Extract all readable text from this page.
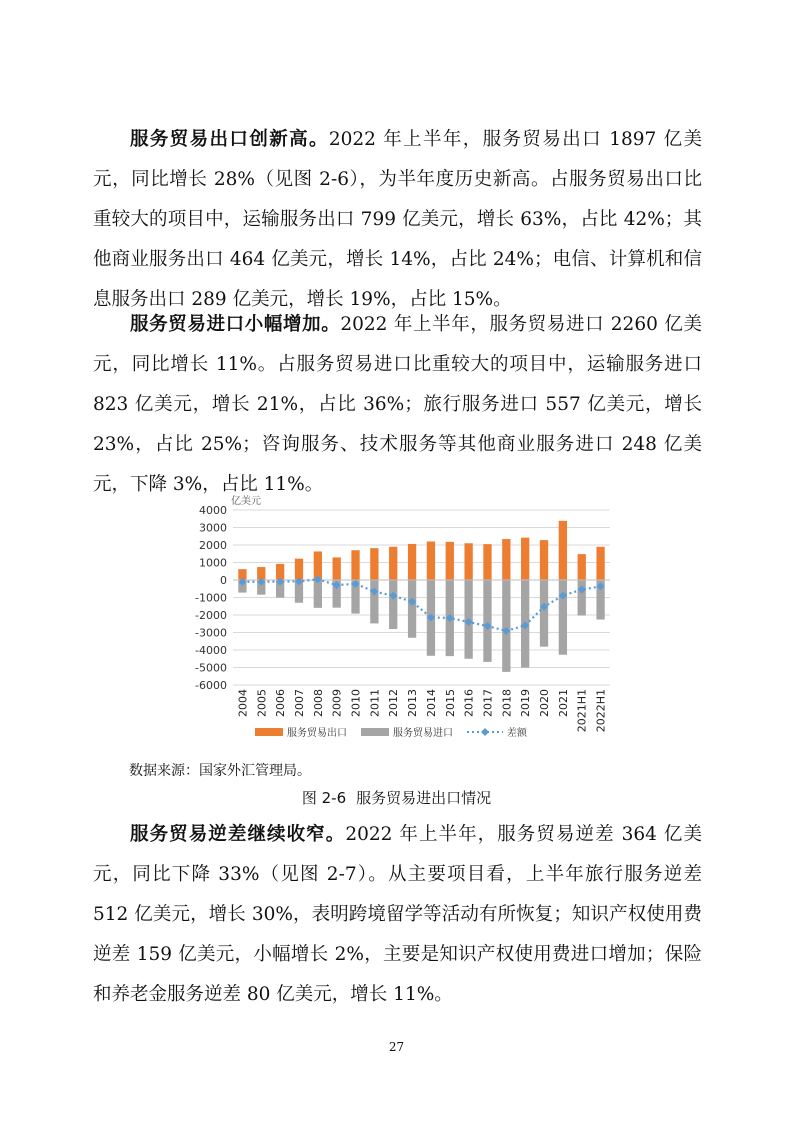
服务贸易出口创新高。2022 年上半年，服务贸易出口 1897 亿美元，同比增长 28%（见图 2-6），为半年度历史新高。占服务贸易出口比重较大的项目中，运输服务出口 799 亿美元，增长 63%，占比 42%；其他商业服务出口 464 亿美元，增长 14%，占比 24%；电信、计算机和信息服务出口 289 亿美元，增长 19%，占比 15%。

服务贸易进口小幅增加。2022 年上半年，服务贸易进口 2260 亿美元，同比增长 11%。占服务贸易进口比重较大的项目中，运输服务进口 823 亿美元，增长 21%，占比 36%；旅行服务进口 557 亿美元，增长 23%，占比 25%；咨询服务、技术服务等其他商业服务进口 248 亿美元，下降 3%，占比 11%。

亿美元
4000
3000
2000
1000
0
-1000
-2000
-3000
-4000
-5000
-6000
2004 2005 2006 2007 2008 2009 2010 2011 2012 2013 2014 2015 2016 2017 2018 2019 2020 2021 2021H1 2022H1
服务贸易出口	服务贸易进口	差额
数据来源：国家外汇管理局。
图 2-6 服务贸易进出口情况

服务贸易逆差继续收窄。2022 年上半年，服务贸易逆差 364 亿美元，同比下降 33%（见图 2-7）。从主要项目看，上半年旅行服务逆差 512 亿美元，增长 30%，表明跨境留学等活动有所恢复；知识产权使用费逆差 159 亿美元，小幅增长 2%，主要是知识产权使用费进口增加；保险和养老金服务逆差 80 亿美元，增长 11%。

27
